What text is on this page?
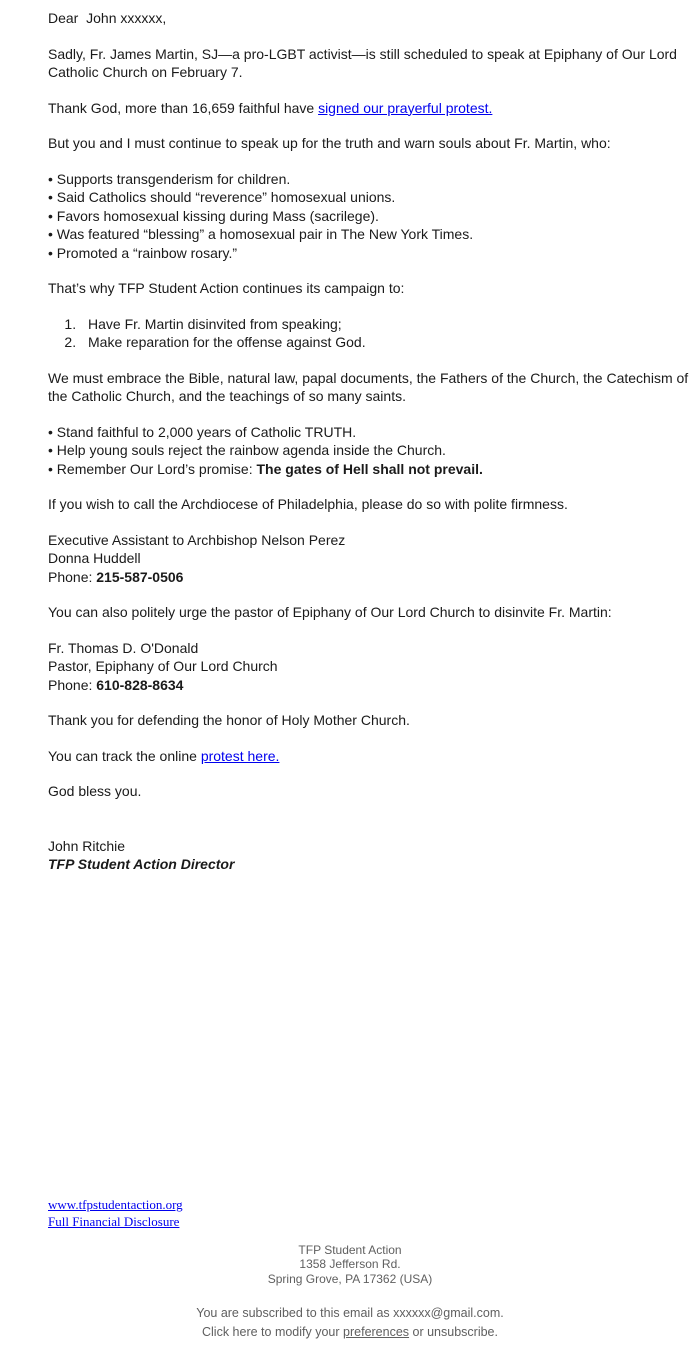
Dear  John xxxxxx,

Sadly, Fr. James Martin, SJ—a pro-LGBT activist—is still scheduled to speak at Epiphany of Our Lord Catholic Church on February 7.

Thank God, more than 16,659 faithful have signed our prayerful protest.

But you and I must continue to speak up for the truth and warn souls about Fr. Martin, who:

• Supports transgenderism for children.
• Said Catholics should “reverence” homosexual unions.
• Favors homosexual kissing during Mass (sacrilege).
• Was featured “blessing” a homosexual pair in The New York Times.
• Promoted a “rainbow rosary.”

That’s why TFP Student Action continues its campaign to:

1. Have Fr. Martin disinvited from speaking;
2. Make reparation for the offense against God.

We must embrace the Bible, natural law, papal documents, the Fathers of the Church, the Catechism of the Catholic Church, and the teachings of so many saints.

• Stand faithful to 2,000 years of Catholic TRUTH.
• Help young souls reject the rainbow agenda inside the Church.
• Remember Our Lord’s promise: The gates of Hell shall not prevail.

If you wish to call the Archdiocese of Philadelphia, please do so with polite firmness.

Executive Assistant to Archbishop Nelson Perez
Donna Huddell
Phone: 215-587-0506

You can also politely urge the pastor of Epiphany of Our Lord Church to disinvite Fr. Martin:

Fr. Thomas D. O'Donald
Pastor, Epiphany of Our Lord Church
Phone: 610-828-8634

Thank you for defending the honor of Holy Mother Church.

You can track the online protest here.

God bless you.

John Ritchie
TFP Student Action Director
www.tfpstudentaction.org
Full Financial Disclosure
TFP Student Action
1358 Jefferson Rd.
Spring Grove, PA 17362 (USA)
You are subscribed to this email as xxxxxx@gmail.com.
Click here to modify your preferences or unsubscribe.
